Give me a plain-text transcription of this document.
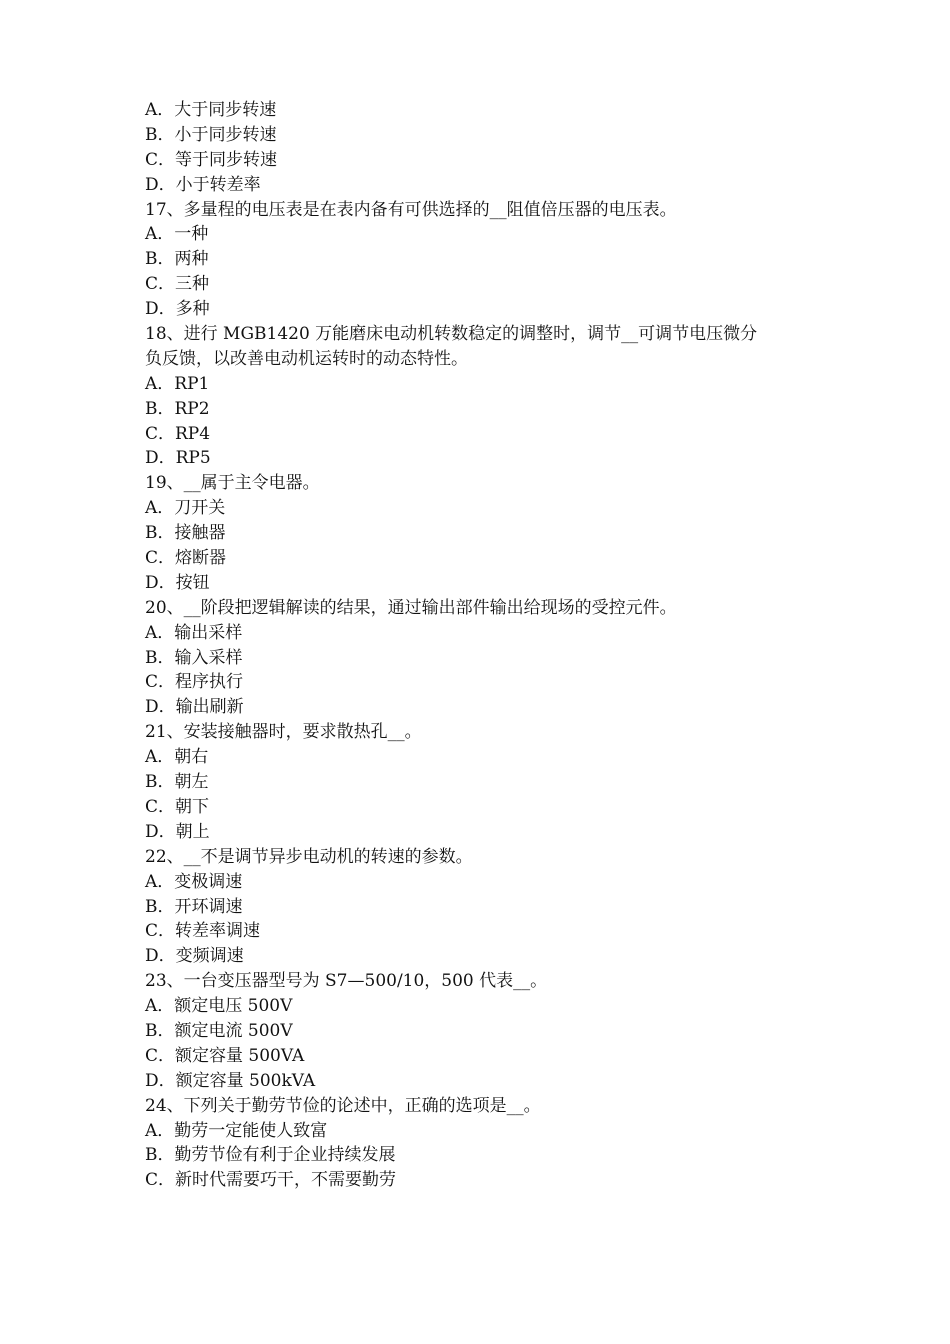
A．大于同步转速
B．小于同步转速
C．等于同步转速
D．小于转差率
17、多量程的电压表是在表内备有可供选择的__阻值倍压器的电压表。
A．一种
B．两种
C．三种
D．多种
18、进行 MGB1420 万能磨床电动机转数稳定的调整时，调节__可调节电压微分
负反馈，以改善电动机运转时的动态特性。
A．RP1
B．RP2
C．RP4
D．RP5
19、__属于主令电器。
A．刀开关
B．接触器
C．熔断器
D．按钮
20、__阶段把逻辑解读的结果，通过输出部件输出给现场的受控元件。
A．输出采样
B．输入采样
C．程序执行
D．输出刷新
21、安装接触器时，要求散热孔__。
A．朝右
B．朝左
C．朝下
D．朝上
22、__不是调节异步电动机的转速的参数。
A．变极调速
B．开环调速
C．转差率调速
D．变频调速
23、一台变压器型号为 S7—500/10，500 代表__。
A．额定电压 500V
B．额定电流 500V
C．额定容量 500VA
D．额定容量 500kVA
24、下列关于勤劳节俭的论述中，正确的选项是__。
A．勤劳一定能使人致富
B．勤劳节俭有利于企业持续发展
C．新时代需要巧干，不需要勤劳
